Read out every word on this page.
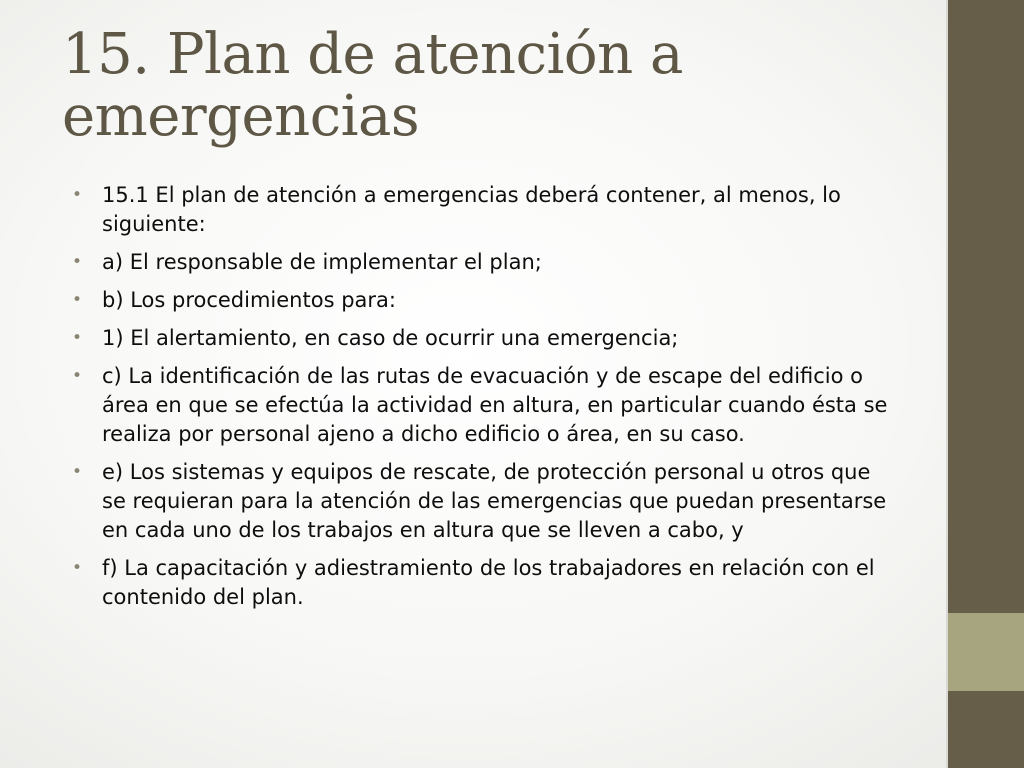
15. Plan de atención a emergencias
• 15.1 El plan de atención a emergencias deberá contener, al menos, lo siguiente:
• a) El responsable de implementar el plan;
• b) Los procedimientos para:
• 1) El alertamiento, en caso de ocurrir una emergencia;
• c) La identificación de las rutas de evacuación y de escape del edificio o área en que se efectúa la actividad en altura, en particular cuando ésta se realiza por personal ajeno a dicho edificio o área, en su caso.
• e) Los sistemas y equipos de rescate, de protección personal u otros que se requieran para la atención de las emergencias que puedan presentarse en cada uno de los trabajos en altura que se lleven a cabo, y
• f) La capacitación y adiestramiento de los trabajadores en relación con el contenido del plan.
